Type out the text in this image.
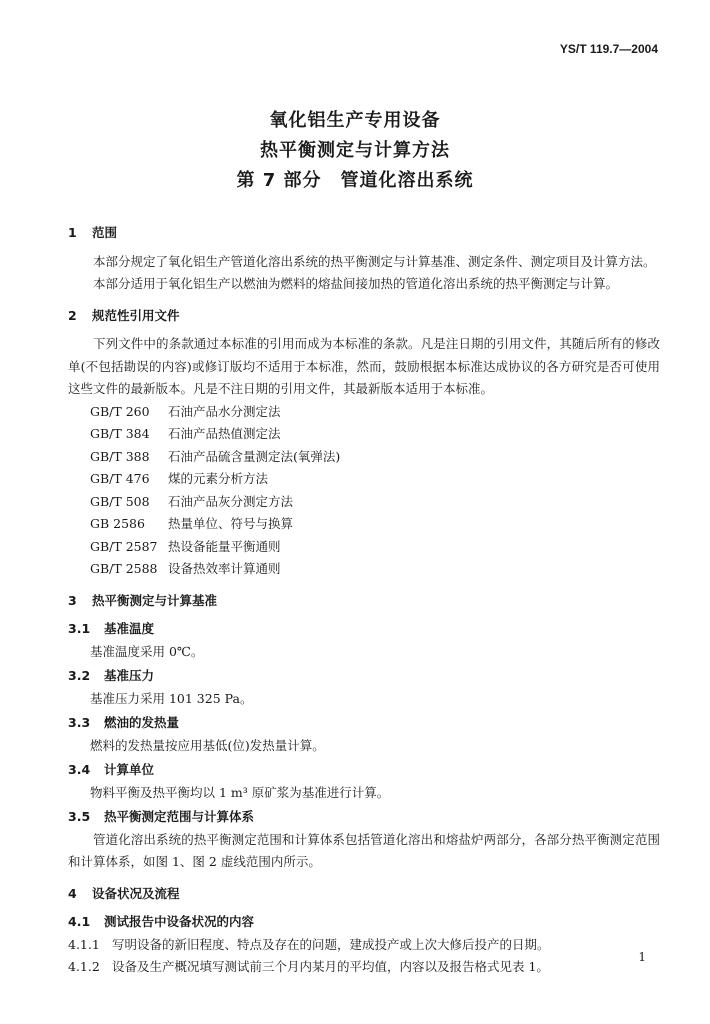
YS/T 119.7—2004
氧化铝生产专用设备
热平衡测定与计算方法
第 7 部分　管道化溶出系统
1	范围
本部分规定了氧化铝生产管道化溶出系统的热平衡测定与计算基准、测定条件、测定项目及计算方法。
本部分适用于氧化铝生产以燃油为燃料的熔盐间接加热的管道化溶出系统的热平衡测定与计算。
2	规范性引用文件
下列文件中的条款通过本标准的引用而成为本标准的条款。凡是注日期的引用文件，其随后所有的修改单(不包括勘误的内容)或修订版均不适用于本标准，然而，鼓励根据本标准达成协议的各方研究是否可使用这些文件的最新版本。凡是不注日期的引用文件，其最新版本适用于本标准。
GB/T 260	石油产品水分测定法
GB/T 384	石油产品热值测定法
GB/T 388	石油产品硫含量测定法(氧弹法)
GB/T 476	煤的元素分析方法
GB/T 508	石油产品灰分测定方法
GB 2586	热量单位、符号与换算
GB/T 2587 热设备能量平衡通则
GB/T 2588 设备热效率计算通则
3	热平衡测定与计算基准
3.1	基准温度
基准温度采用 0℃。
3.2	基准压力
基准压力采用 101 325 Pa。
3.3	燃油的发热量
燃料的发热量按应用基低(位)发热量计算。
3.4	计算单位
物料平衡及热平衡均以 1 m³ 原矿浆为基准进行计算。
3.5	热平衡测定范围与计算体系
管道化溶出系统的热平衡测定范围和计算体系包括管道化溶出和熔盐炉两部分，各部分热平衡测定范围和计算体系，如图 1、图 2 虚线范围内所示。
4	设备状况及流程
4.1	测试报告中设备状况的内容
4.1.1 写明设备的新旧程度、特点及存在的问题，建成投产或上次大修后投产的日期。
4.1.2 设备及生产概况填写测试前三个月内某月的平均值，内容以及报告格式见表 1。
1
